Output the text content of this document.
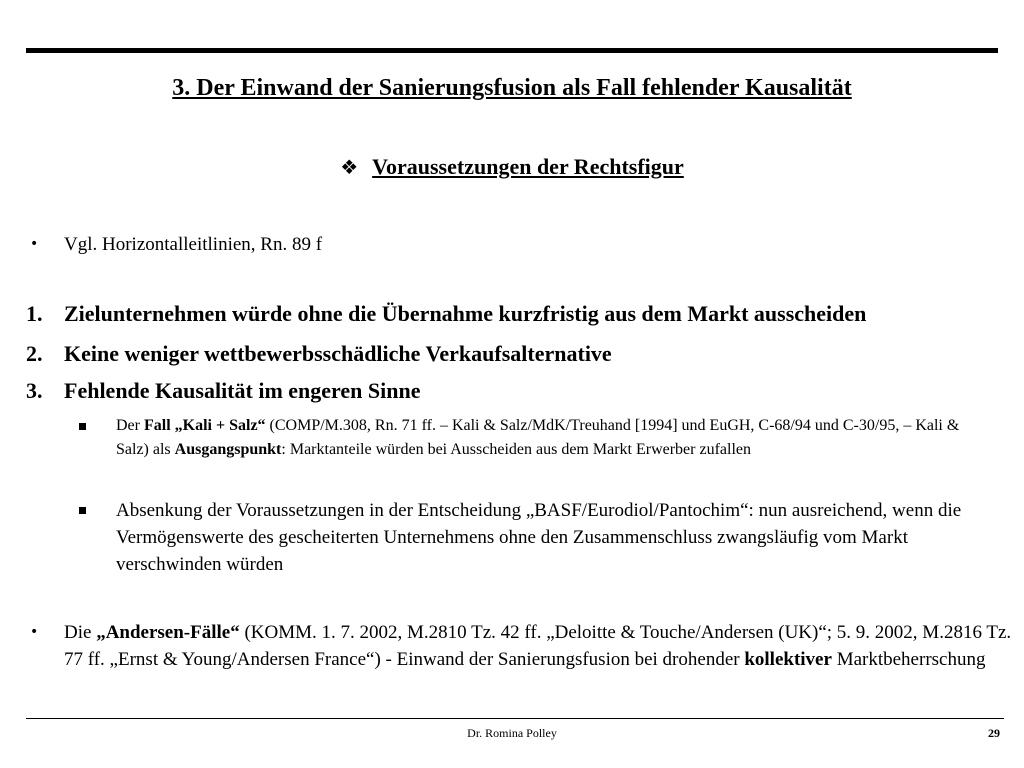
3. Der Einwand der Sanierungsfusion als Fall fehlender Kausalität
❖ Voraussetzungen der Rechtsfigur
• Vgl. Horizontalleitlinien, Rn. 89 f
1. Zielunternehmen würde ohne die Übernahme kurzfristig aus dem Markt ausscheiden
2. Keine weniger wettbewerbsschädliche Verkaufsalternative
3. Fehlende Kausalität im engeren Sinne
Der Fall „Kali + Salz“ (COMP/M.308, Rn. 71 ff. – Kali & Salz/MdK/Treuhand [1994] und EuGH, C-68/94 und C-30/95, – Kali & Salz) als Ausgangspunkt: Marktanteile würden bei Ausscheiden aus dem Markt Erwerber zufallen
Absenkung der Voraussetzungen in der Entscheidung „BASF/Eurodiol/Pantochim“: nun ausreichend, wenn die Vermögenswerte des gescheiterten Unternehmens ohne den Zusammenschluss zwangsläufig vom Markt verschwinden würden
• Die „Andersen-Fälle“ (KOMM. 1. 7. 2002, M.2810 Tz. 42 ff. „Deloitte & Touche/Andersen (UK)“; 5. 9. 2002, M.2816 Tz. 77 ff. „Ernst & Young/Andersen France“) - Einwand der Sanierungsfusion bei drohender kollektiver Marktbeherrschung
Dr. Romina Polley	29
